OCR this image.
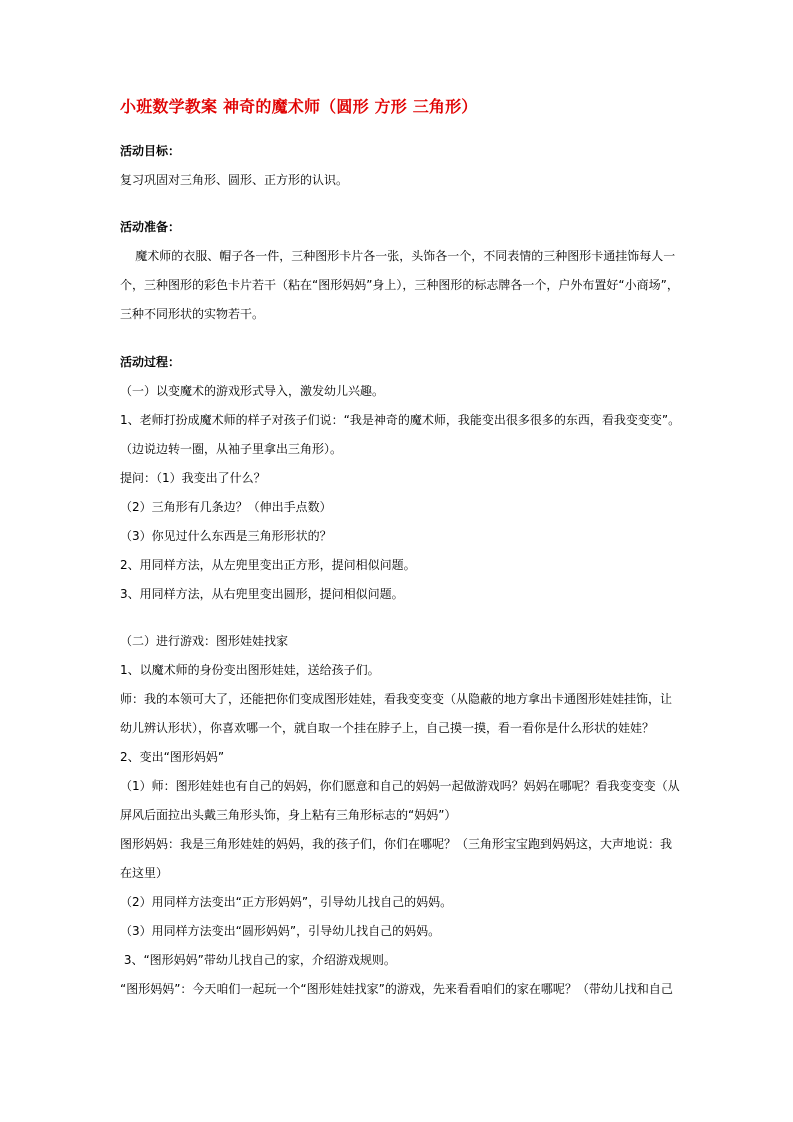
小班数学教案 神奇的魔术师（圆形 方形 三角形）
活动目标：
复习巩固对三角形、圆形、正方形的认识。
活动准备：
魔术师的衣服、帽子各一件，三种图形卡片各一张，头饰各一个，不同表情的三种图形卡通挂饰每人一
个，三种图形的彩色卡片若干（粘在“图形妈妈”身上），三种图形的标志牌各一个，户外布置好“小商场”，
三种不同形状的实物若干。
活动过程：
（一）以变魔术的游戏形式导入，激发幼儿兴趣。
1、老师打扮成魔术师的样子对孩子们说：“我是神奇的魔术师，我能变出很多很多的东西，看我变变变”。
（边说边转一圈，从袖子里拿出三角形）。
提问：（1）我变出了什么？
（2）三角形有几条边？（伸出手点数）
（3）你见过什么东西是三角形形状的？
2、用同样方法，从左兜里变出正方形，提问相似问题。
3、用同样方法，从右兜里变出圆形，提问相似问题。
（二）进行游戏：图形娃娃找家
1、以魔术师的身份变出图形娃娃，送给孩子们。
师：我的本领可大了，还能把你们变成图形娃娃，看我变变变（从隐蔽的地方拿出卡通图形娃娃挂饰，让
幼儿辨认形状），你喜欢哪一个，就自取一个挂在脖子上，自己摸一摸，看一看你是什么形状的娃娃？
2、变出“图形妈妈”
（1）师：图形娃娃也有自己的妈妈，你们愿意和自己的妈妈一起做游戏吗？妈妈在哪呢？看我变变变（从
屏风后面拉出头戴三角形头饰，身上粘有三角形标志的“妈妈”）
图形妈妈：我是三角形娃娃的妈妈，我的孩子们，你们在哪呢？（三角形宝宝跑到妈妈这，大声地说：我
在这里）
（2）用同样方法变出“正方形妈妈”，引导幼儿找自己的妈妈。
（3）用同样方法变出“圆形妈妈”，引导幼儿找自己的妈妈。
3、“图形妈妈”带幼儿找自己的家，介绍游戏规则。
“图形妈妈”：今天咱们一起玩一个“图形娃娃找家”的游戏，先来看看咱们的家在哪呢？（带幼儿找和自己
